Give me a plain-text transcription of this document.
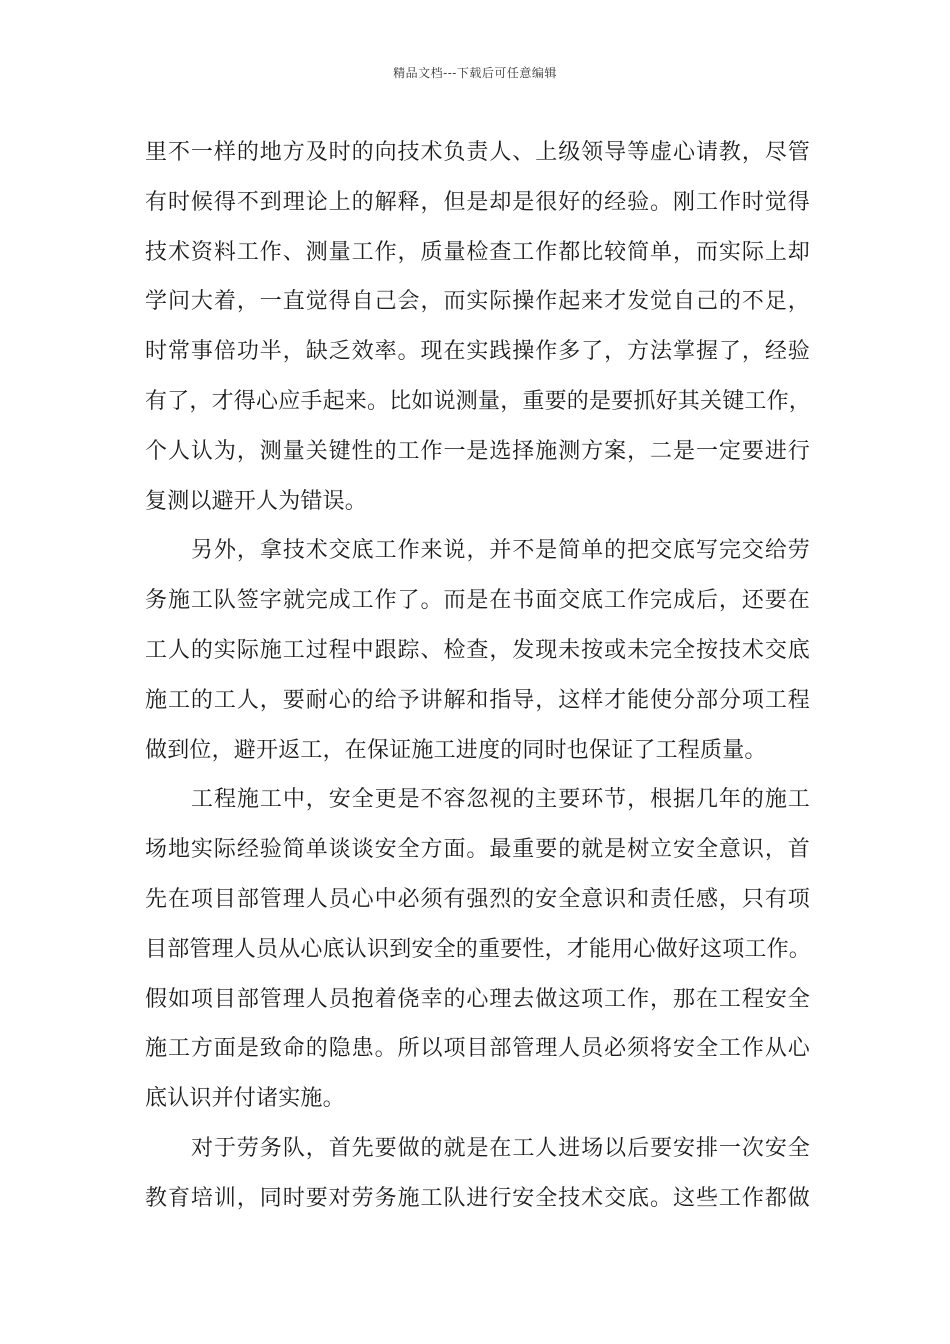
精品文档---下载后可任意编辑
里不一样的地方及时的向技术负责人、上级领导等虚心请教，尽管
有时候得不到理论上的解释，但是却是很好的经验。刚工作时觉得
技术资料工作、测量工作，质量检查工作都比较简单，而实际上却
学问大着，一直觉得自己会，而实际操作起来才发觉自己的不足，
时常事倍功半，缺乏效率。现在实践操作多了，方法掌握了，经验
有了，才得心应手起来。比如说测量，重要的是要抓好其关键工作，
个人认为，测量关键性的工作一是选择施测方案，二是一定要进行
复测以避开人为错误。
另外，拿技术交底工作来说，并不是简单的把交底写完交给劳
务施工队签字就完成工作了。而是在书面交底工作完成后，还要在
工人的实际施工过程中跟踪、检查，发现未按或未完全按技术交底
施工的工人，要耐心的给予讲解和指导，这样才能使分部分项工程
做到位，避开返工，在保证施工进度的同时也保证了工程质量。
工程施工中，安全更是不容忽视的主要环节，根据几年的施工
场地实际经验简单谈谈安全方面。最重要的就是树立安全意识，首
先在项目部管理人员心中必须有强烈的安全意识和责任感，只有项
目部管理人员从心底认识到安全的重要性，才能用心做好这项工作。
假如项目部管理人员抱着侥幸的心理去做这项工作，那在工程安全
施工方面是致命的隐患。所以项目部管理人员必须将安全工作从心
底认识并付诸实施。
对于劳务队，首先要做的就是在工人进场以后要安排一次安全
教育培训，同时要对劳务施工队进行安全技术交底。这些工作都做
